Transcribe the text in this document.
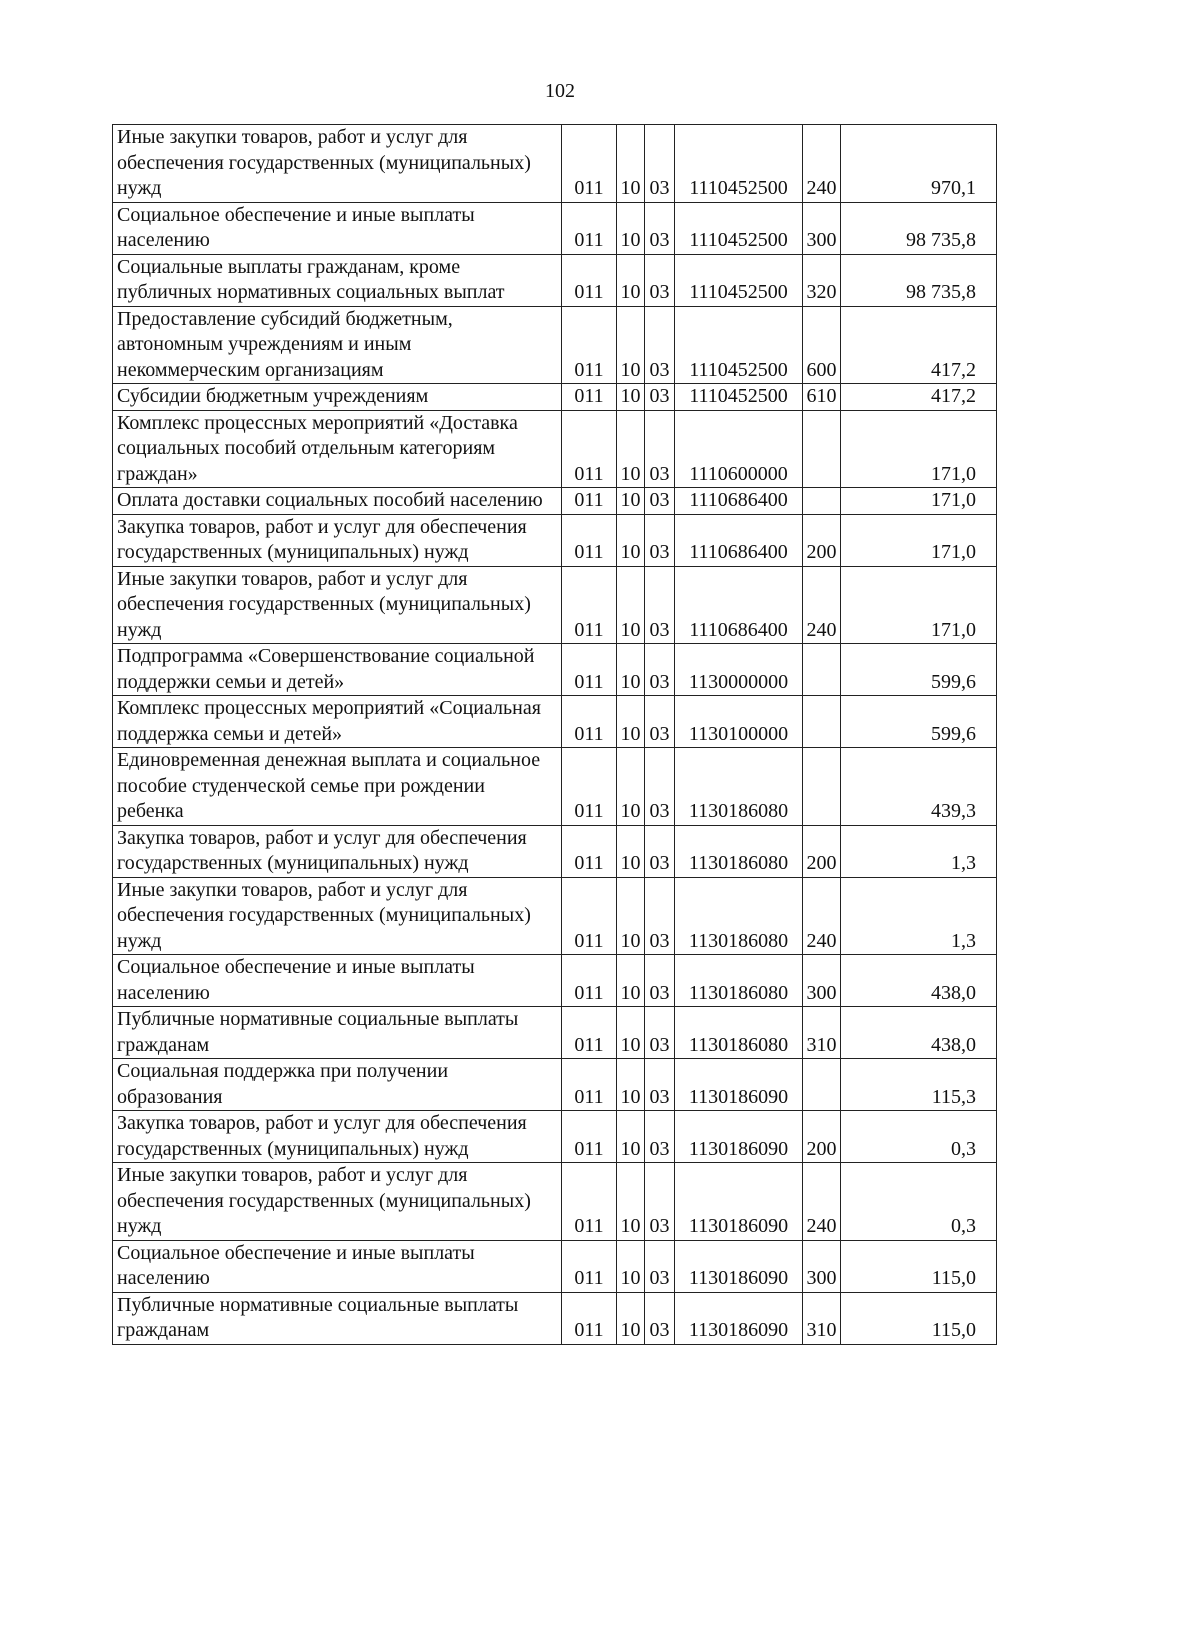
102
Иные закупки товаров, работ и услуг для обеспечения государственных (муниципальных) нужд	011	10	03	1110452500	240	970,1
Социальное обеспечение и иные выплаты населению	011	10	03	1110452500	300	98 735,8
Социальные выплаты гражданам, кроме публичных нормативных социальных выплат	011	10	03	1110452500	320	98 735,8
Предоставление субсидий бюджетным, автономным учреждениям и иным некоммерческим организациям	011	10	03	1110452500	600	417,2
Субсидии бюджетным учреждениям	011	10	03	1110452500	610	417,2
Комплекс процессных мероприятий «Доставка социальных пособий отдельным категориям граждан»	011	10	03	1110600000		171,0
Оплата доставки социальных пособий населению	011	10	03	1110686400		171,0
Закупка товаров, работ и услуг для обеспечения государственных (муниципальных) нужд	011	10	03	1110686400	200	171,0
Иные закупки товаров, работ и услуг для обеспечения государственных (муниципальных) нужд	011	10	03	1110686400	240	171,0
Подпрограмма «Совершенствование социальной поддержки семьи и детей»	011	10	03	1130000000		599,6
Комплекс процессных мероприятий «Социальная поддержка семьи и детей»	011	10	03	1130100000		599,6
Единовременная денежная выплата и социальное пособие студенческой семье при рождении ребенка	011	10	03	1130186080		439,3
Закупка товаров, работ и услуг для обеспечения государственных (муниципальных) нужд	011	10	03	1130186080	200	1,3
Иные закупки товаров, работ и услуг для обеспечения государственных (муниципальных) нужд	011	10	03	1130186080	240	1,3
Социальное обеспечение и иные выплаты населению	011	10	03	1130186080	300	438,0
Публичные нормативные социальные выплаты гражданам	011	10	03	1130186080	310	438,0
Социальная поддержка при получении образования	011	10	03	1130186090		115,3
Закупка товаров, работ и услуг для обеспечения государственных (муниципальных) нужд	011	10	03	1130186090	200	0,3
Иные закупки товаров, работ и услуг для обеспечения государственных (муниципальных) нужд	011	10	03	1130186090	240	0,3
Социальное обеспечение и иные выплаты населению	011	10	03	1130186090	300	115,0
Публичные нормативные социальные выплаты гражданам	011	10	03	1130186090	310	115,0
